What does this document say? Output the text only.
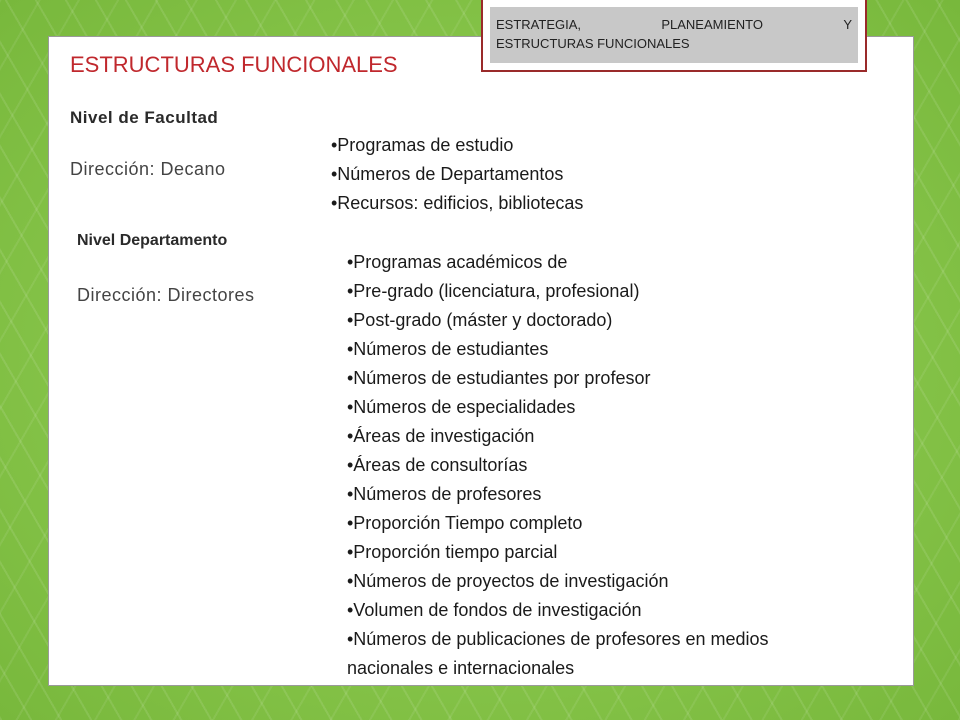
ESTRATEGIA,	PLANEAMIENTO	Y
ESTRUCTURAS FUNCIONALES
ESTRUCTURAS FUNCIONALES
Nivel de Facultad
Dirección: Decano
•Programas de estudio
•Números de Departamentos
•Recursos: edificios, bibliotecas
Nivel Departamento
Dirección: Directores
•Programas académicos de
•Pre-grado (licenciatura, profesional)
•Post-grado (máster y doctorado)
•Números de estudiantes
•Números de estudiantes por profesor
•Números de especialidades
•Áreas de investigación
•Áreas de consultorías
•Números de profesores
•Proporción Tiempo completo
•Proporción tiempo parcial
•Números de proyectos de investigación
•Volumen de fondos de investigación
•Números de publicaciones de profesores en medios nacionales e internacionales
